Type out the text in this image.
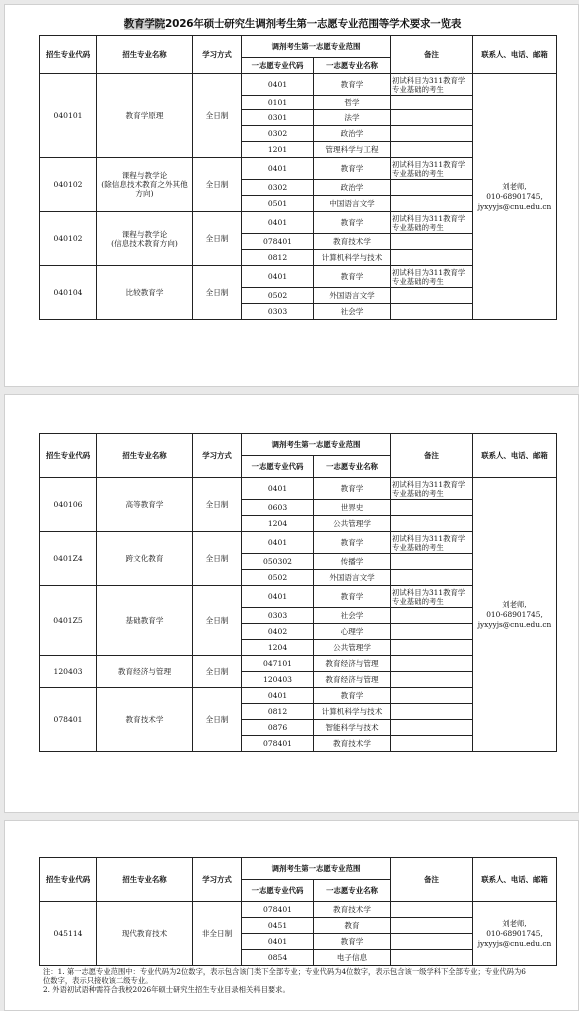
教育学院2026年硕士研究生调剂考生第一志愿专业范围等学术要求一览表
招生专业代码	招生专业名称	学习方式	调剂考生第一志愿专业范围		备注	联系人、电话、邮箱
			一志愿专业代码	一志愿专业名称		
040101	教育学原理	全日制	0401	教育学	初试科目为311教育学专业基础的考生	刘老师,
010-68901745,
jyxyyjs@cnu.edu.cn
			0101	哲学		
			0301	法学		
			0302	政治学		
			1201	管理科学与工程		
040102	课程与教学论
(除信息技术教育之外其他方向)	全日制	0401	教育学	初试科目为311教育学专业基础的考生	
			0302	政治学		
			0501	中国语言文学		
040102	课程与教学论
(信息技术教育方向)	全日制	0401	教育学	初试科目为311教育学专业基础的考生	
			078401	教育技术学		
			0812	计算机科学与技术		
040104	比较教育学	全日制	0401	教育学	初试科目为311教育学专业基础的考生	
			0502	外国语言文学		
			0303	社会学		
招生专业代码	招生专业名称	学习方式	调剂考生第一志愿专业范围		备注	联系人、电话、邮箱
			一志愿专业代码	一志愿专业名称		
040106	高等教育学	全日制	0401	教育学	初试科目为311教育学专业基础的考生	刘老师,
010-68901745,
jyxyyjs@cnu.edu.cn
			0603	世界史		
			1204	公共管理学		
0401Z4	跨文化教育	全日制	0401	教育学	初试科目为311教育学专业基础的考生	
			050302	传播学		
			0502	外国语言文学		
0401Z5	基础教育学	全日制	0401	教育学	初试科目为311教育学专业基础的考生	
			0303	社会学		
			0402	心理学		
			1204	公共管理学		
120403	教育经济与管理	全日制	047101	教育经济与管理		
			120403	教育经济与管理		
078401	教育技术学	全日制	0401	教育学		
			0812	计算机科学与技术		
			0876	智能科学与技术		
			078401	教育技术学		
招生专业代码	招生专业名称	学习方式	调剂考生第一志愿专业范围		备注	联系人、电话、邮箱
			一志愿专业代码	一志愿专业名称		
045114	现代教育技术	非全日制	078401	教育技术学		刘老师,
010-68901745,
jyxyyjs@cnu.edu.cn
			0451	教育		
			0401	教育学		
			0854	电子信息		
注：1. 第一志愿专业范围中：专业代码为2位数字，表示包含该门类下全部专业；专业代码为4位数字，表示包含该一级学科下全部专业；专业代码为6
位数字，表示只接收该二级专业。
2. 外语初试语种需符合我校2026年硕士研究生招生专业目录相关科目要求。
